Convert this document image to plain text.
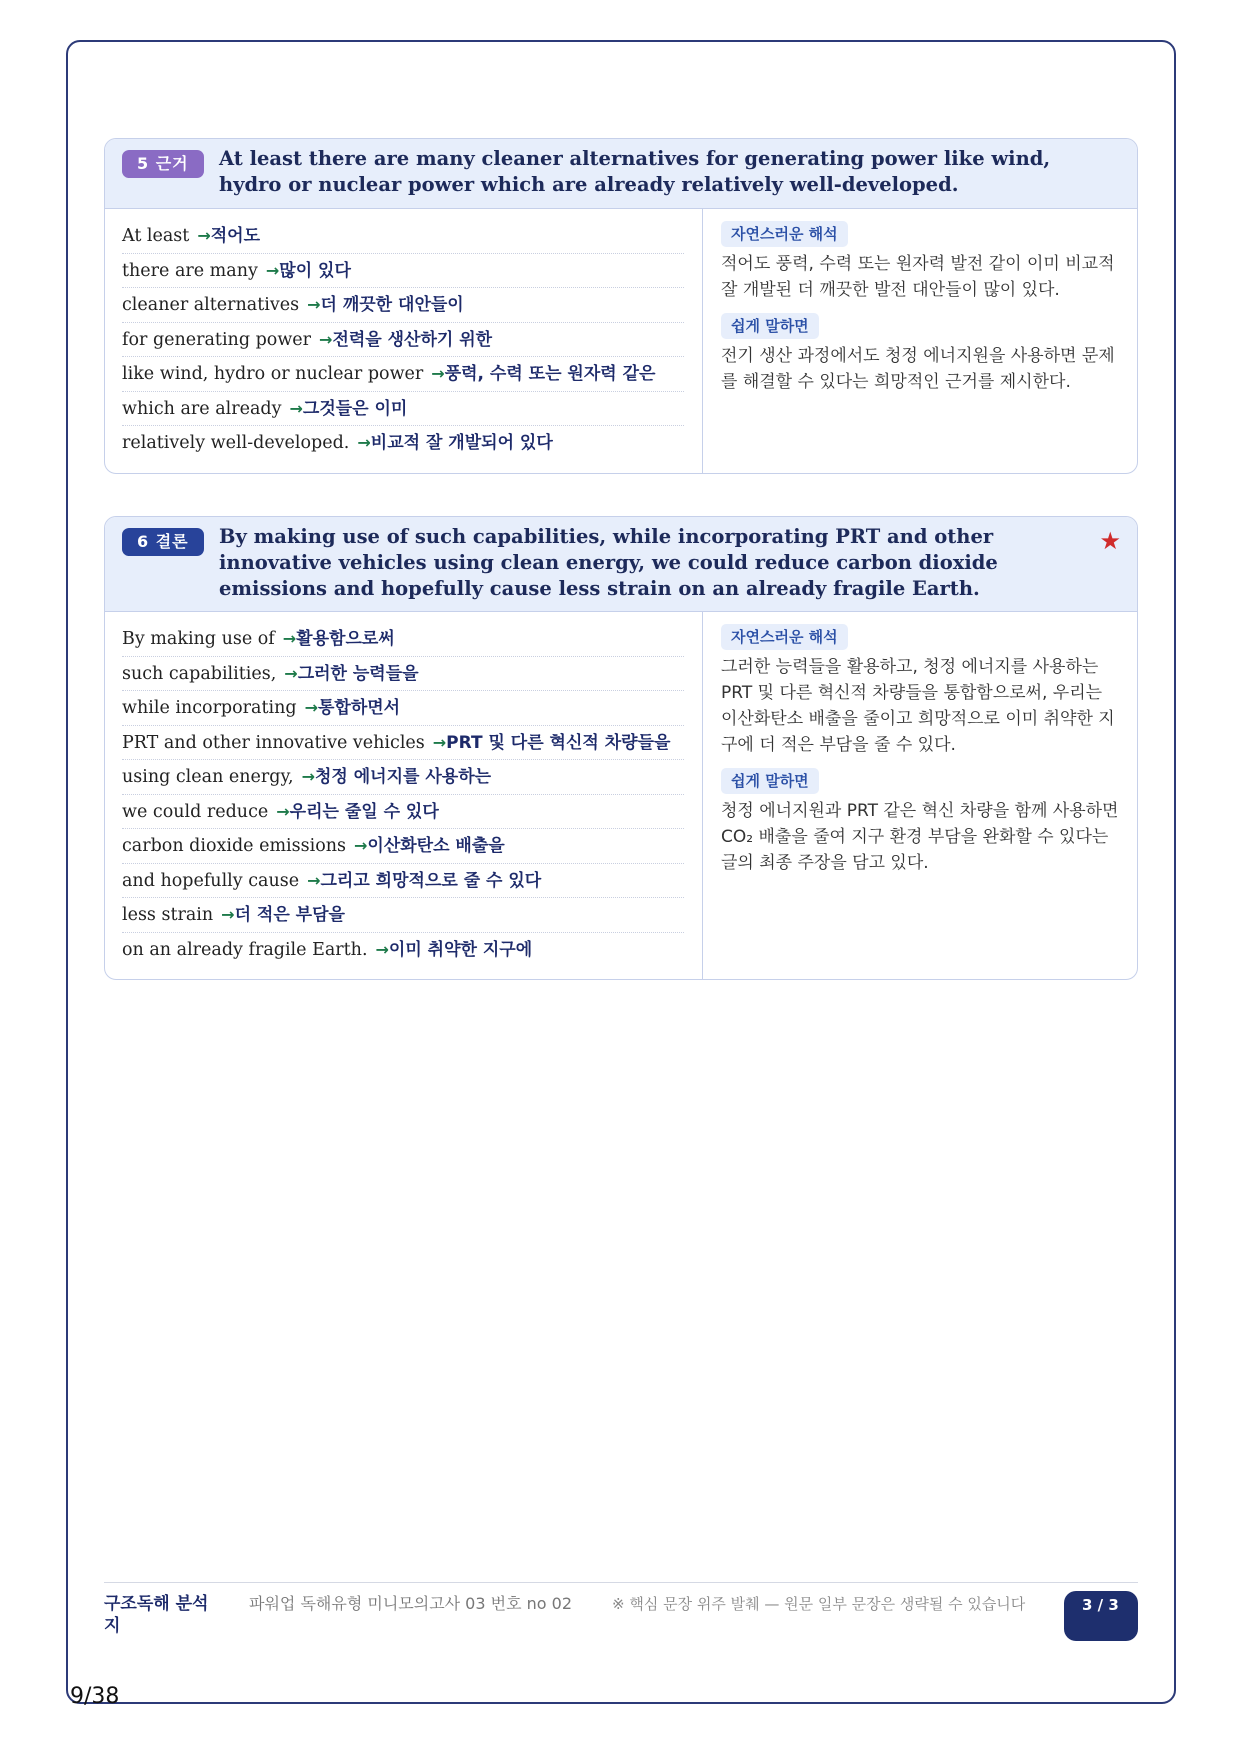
5 근거	At least there are many cleaner alternatives for generating power like wind, hydro or nuclear power which are already relatively well-developed.
At least →적어도
there are many →많이 있다
cleaner alternatives →더 깨끗한 대안들이
for generating power →전력을 생산하기 위한
like wind, hydro or nuclear power →풍력, 수력 또는 원자력 같은
which are already →그것들은 이미
relatively well-developed. →비교적 잘 개발되어 있다
자연스러운 해석
적어도 풍력, 수력 또는 원자력 발전 같이 이미 비교적 잘 개발된 더 깨끗한 발전 대안들이 많이 있다.
쉽게 말하면
전기 생산 과정에서도 청정 에너지원을 사용하면 문제를 해결할 수 있다는 희망적인 근거를 제시한다.
6 결론	By making use of such capabilities, while incorporating PRT and other innovative vehicles using clean energy, we could reduce carbon dioxide emissions and hopefully cause less strain on an already fragile Earth.
★
By making use of →활용함으로써
such capabilities, →그러한 능력들을
while incorporating →통합하면서
PRT and other innovative vehicles →PRT 및 다른 혁신적 차량들을
using clean energy, →청정 에너지를 사용하는
we could reduce →우리는 줄일 수 있다
carbon dioxide emissions →이산화탄소 배출을
and hopefully cause →그리고 희망적으로 줄 수 있다
less strain →더 적은 부담을
on an already fragile Earth. →이미 취약한 지구에
자연스러운 해석
그러한 능력들을 활용하고, 청정 에너지를 사용하는 PRT 및 다른 혁신적 차량들을 통합함으로써, 우리는 이산화탄소 배출을 줄이고 희망적으로 이미 취약한 지구에 더 적은 부담을 줄 수 있다.
쉽게 말하면
청정 에너지원과 PRT 같은 혁신 차량을 함께 사용하면 CO₂ 배출을 줄여 지구 환경 부담을 완화할 수 있다는 글의 최종 주장을 담고 있다.
구조독해 분석지
파워업 독해유형 미니모의고사 03 번호 no 02	※ 핵심 문장 위주 발췌 — 원문 일부 문장은 생략될 수 있습니다	3 / 3
9/38
